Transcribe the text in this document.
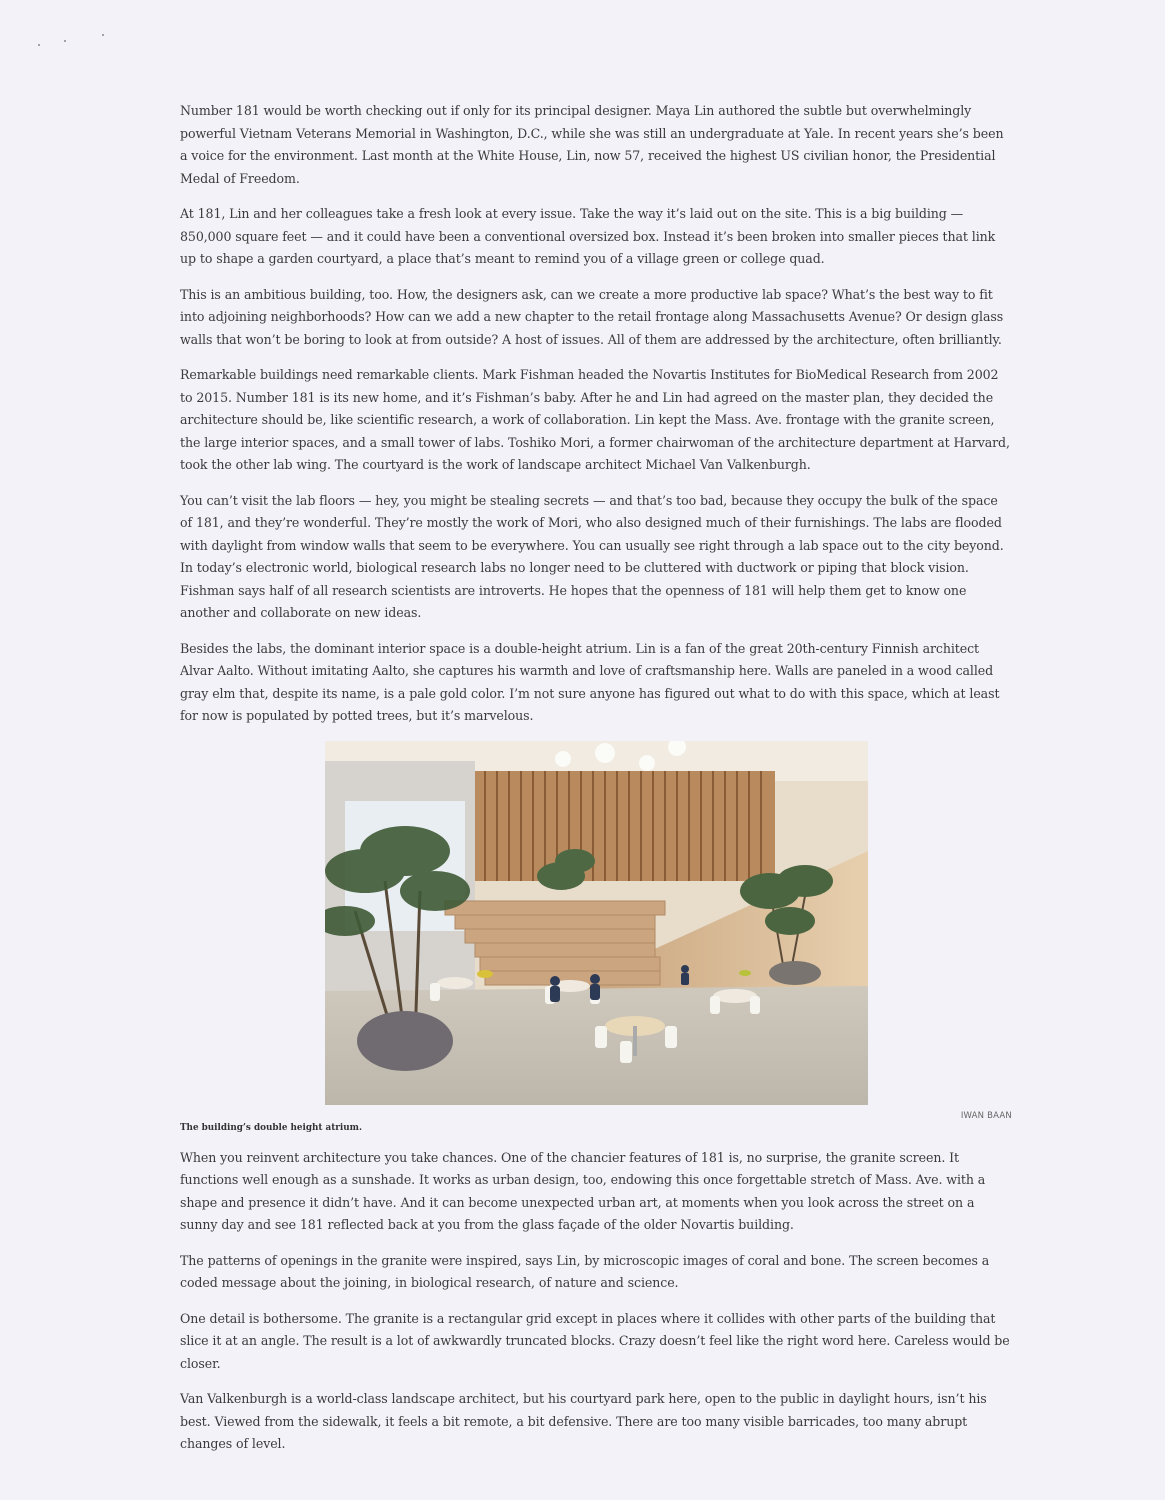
Number 181 would be worth checking out if only for its principal designer. Maya Lin authored the subtle but overwhelmingly powerful Vietnam Veterans Memorial in Washington, D.C., while she was still an undergraduate at Yale. In recent years she’s been a voice for the environment. Last month at the White House, Lin, now 57, received the highest US civilian honor, the Presidential Medal of Freedom.

At 181, Lin and her colleagues take a fresh look at every issue. Take the way it’s laid out on the site. This is a big building — 850,000 square feet — and it could have been a conventional oversized box. Instead it’s been broken into smaller pieces that link up to shape a garden courtyard, a place that’s meant to remind you of a village green or college quad.

This is an ambitious building, too. How, the designers ask, can we create a more productive lab space? What’s the best way to fit into adjoining neighborhoods? How can we add a new chapter to the retail frontage along Massachusetts Avenue? Or design glass walls that won’t be boring to look at from outside? A host of issues. All of them are addressed by the architecture, often brilliantly.

Remarkable buildings need remarkable clients. Mark Fishman headed the Novartis Institutes for BioMedical Research from 2002 to 2015. Number 181 is its new home, and it’s Fishman’s baby. After he and Lin had agreed on the master plan, they decided the architecture should be, like scientific research, a work of collaboration. Lin kept the Mass. Ave. frontage with the granite screen, the large interior spaces, and a small tower of labs. Toshiko Mori, a former chairwoman of the architecture department at Harvard, took the other lab wing. The courtyard is the work of landscape architect Michael Van Valkenburgh.

You can’t visit the lab floors — hey, you might be stealing secrets — and that’s too bad, because they occupy the bulk of the space of 181, and they’re wonderful. They’re mostly the work of Mori, who also designed much of their furnishings. The labs are flooded with daylight from window walls that seem to be everywhere. You can usually see right through a lab space out to the city beyond. In today’s electronic world, biological research labs no longer need to be cluttered with ductwork or piping that block vision. Fishman says half of all research scientists are introverts. He hopes that the openness of 181 will help them get to know one another and collaborate on new ideas.

Besides the labs, the dominant interior space is a double-height atrium. Lin is a fan of the great 20th-century Finnish architect Alvar Aalto. Without imitating Aalto, she captures his warmth and love of craftsmanship here. Walls are paneled in a wood called gray elm that, despite its name, is a pale gold color. I’m not sure anyone has figured out what to do with this space, which at least for now is populated by potted trees, but it’s marvelous.

IWAN BAAN
The building’s double height atrium.

When you reinvent architecture you take chances. One of the chancier features of 181 is, no surprise, the granite screen. It functions well enough as a sunshade. It works as urban design, too, endowing this once forgettable stretch of Mass. Ave. with a shape and presence it didn’t have. And it can become unexpected urban art, at moments when you look across the street on a sunny day and see 181 reflected back at you from the glass façade of the older Novartis building.

The patterns of openings in the granite were inspired, says Lin, by microscopic images of coral and bone. The screen becomes a coded message about the joining, in biological research, of nature and science.

One detail is bothersome. The granite is a rectangular grid except in places where it collides with other parts of the building that slice it at an angle. The result is a lot of awkwardly truncated blocks. Crazy doesn’t feel like the right word here. Careless would be closer.

Van Valkenburgh is a world-class landscape architect, but his courtyard park here, open to the public in daylight hours, isn’t his best. Viewed from the sidewalk, it feels a bit remote, a bit defensive. There are too many visible barricades, too many abrupt changes of level.
